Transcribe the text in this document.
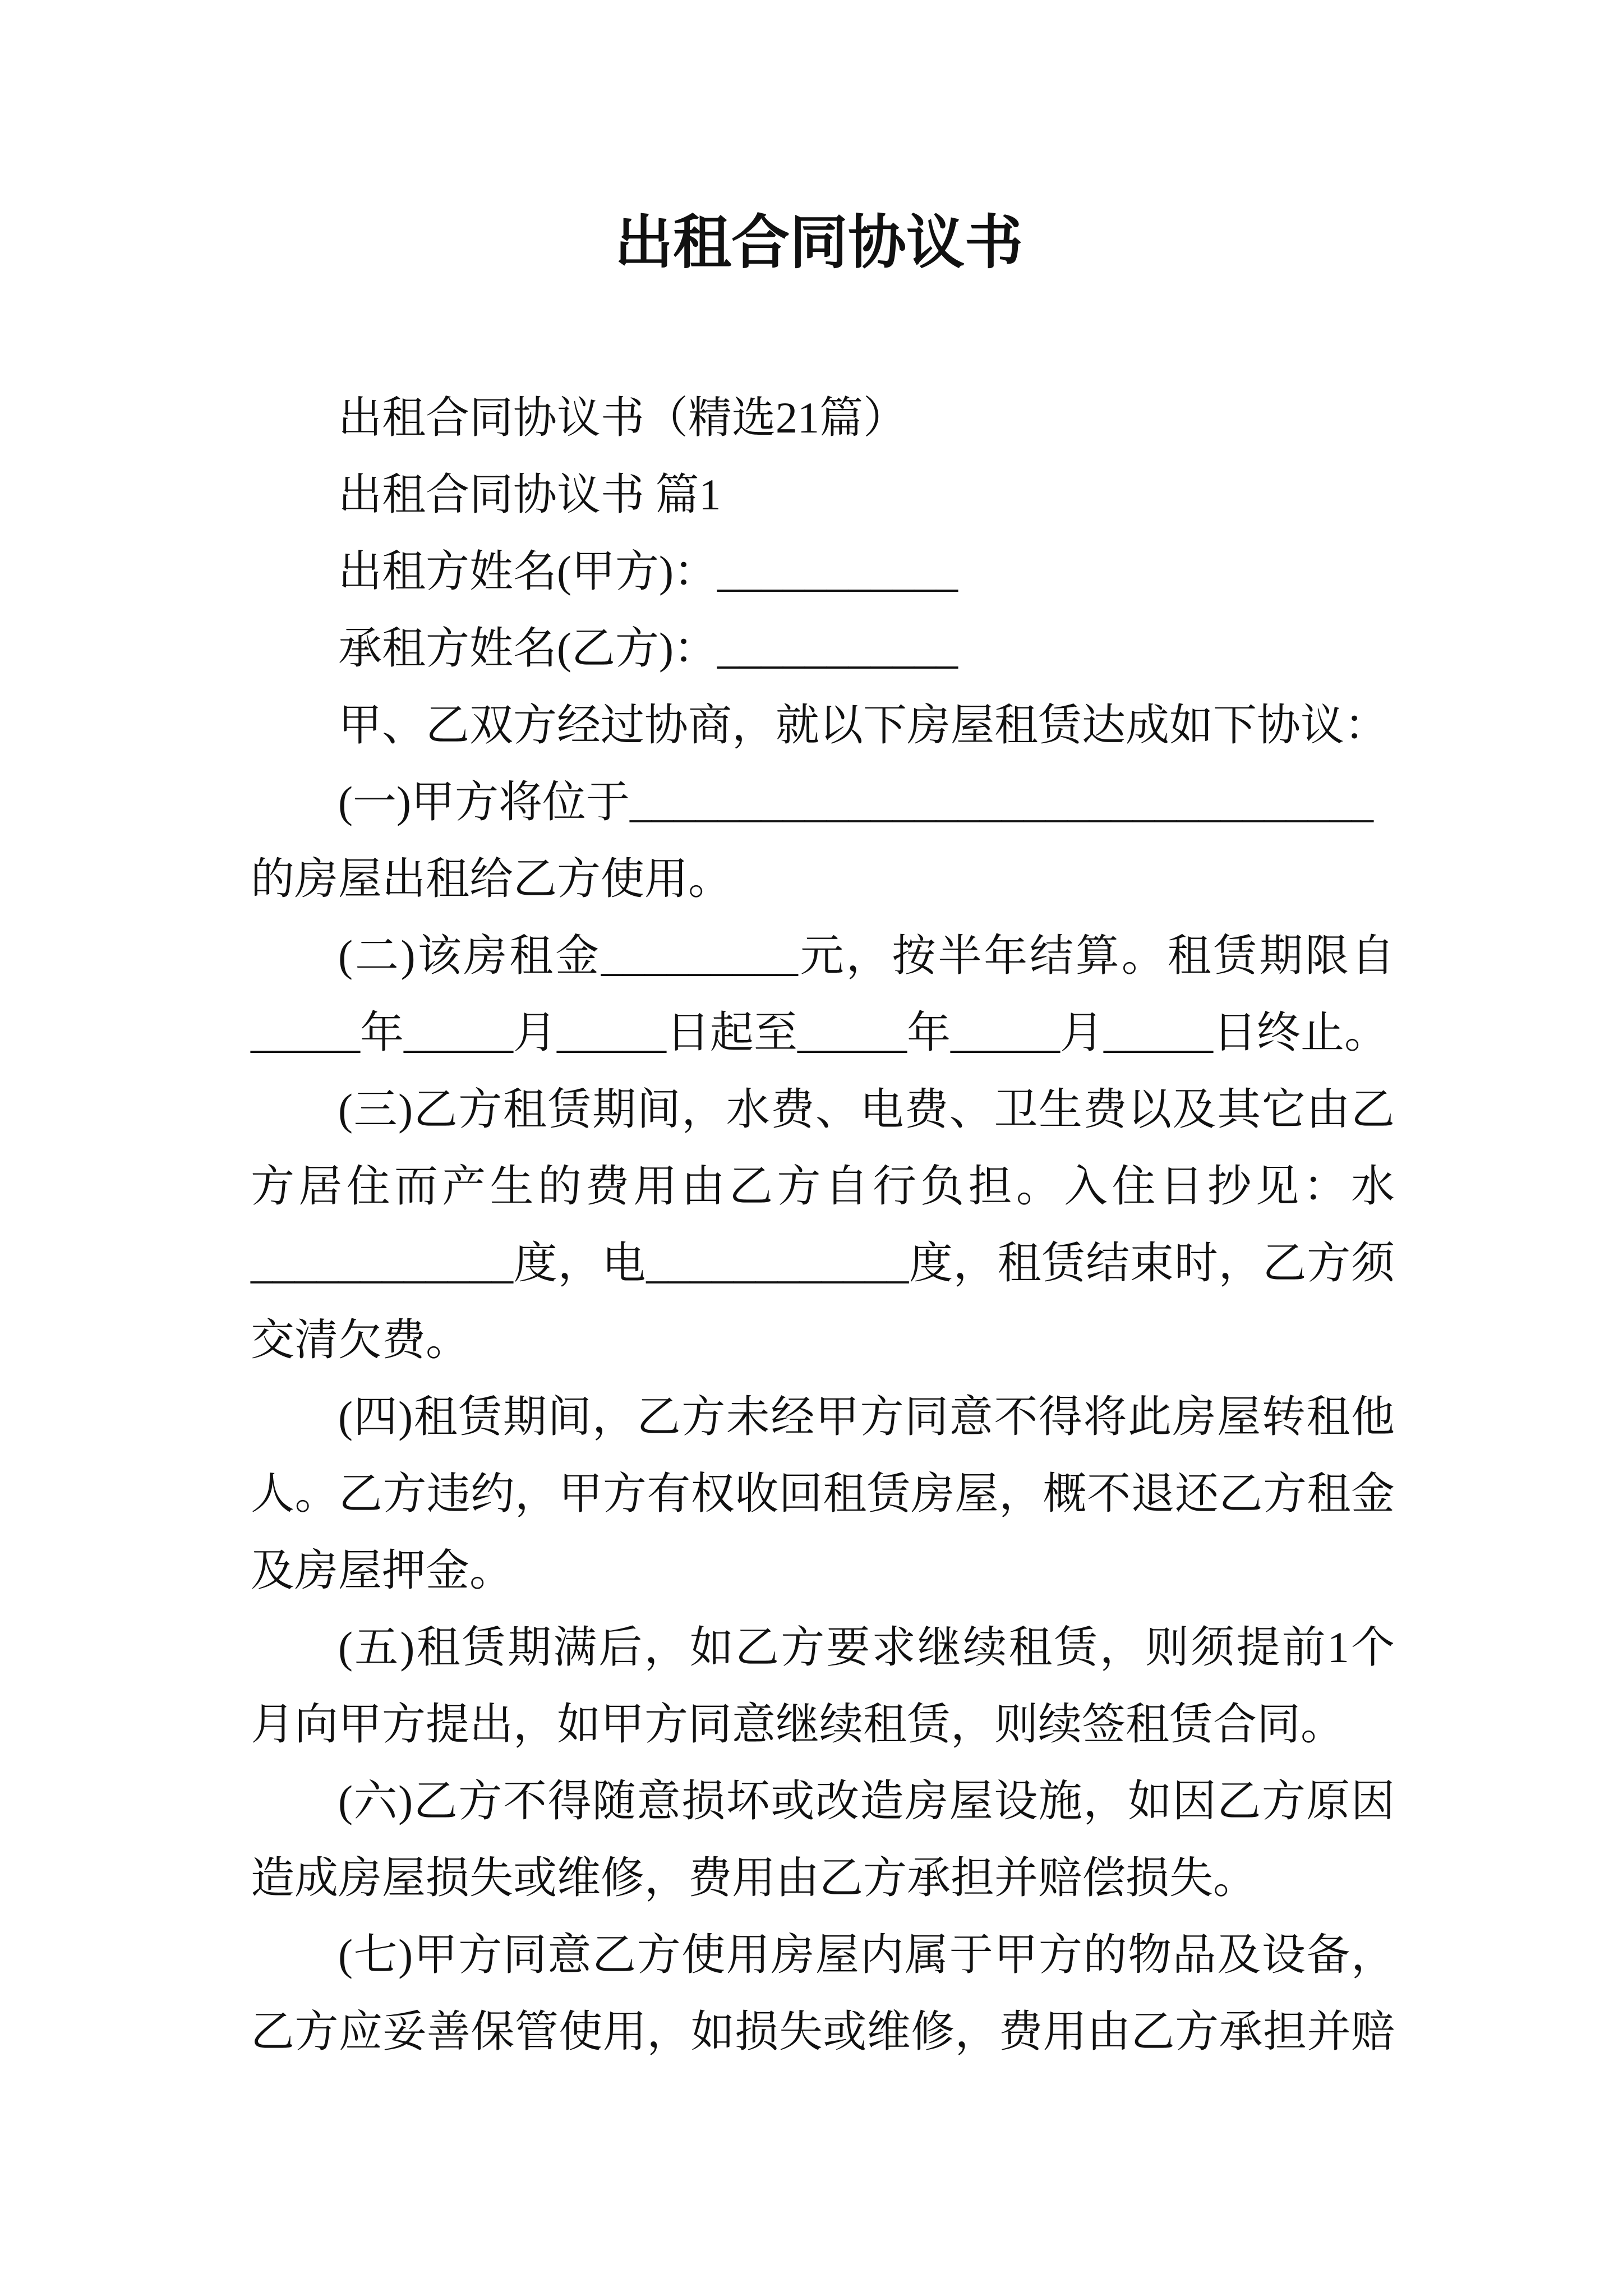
出租合同协议书
出租合同协议书（精选21篇）
出租合同协议书 篇1
出租方姓名(甲方)：___________
承租方姓名(乙方)：___________
甲、乙双方经过协商，就以下房屋租赁达成如下协议：
(一)甲方将位于__________________________________
的房屋出租给乙方使用。
(二)该房租金_________元，按半年结算。租赁期限自
_____年_____月_____日起至_____年_____月_____日终止。
(三)乙方租赁期间，水费、电费、卫生费以及其它由乙
方居住而产生的费用由乙方自行负担。入住日抄见：水
____________度，电____________度，租赁结束时，乙方须
交清欠费。
(四)租赁期间，乙方未经甲方同意不得将此房屋转租他
人。乙方违约，甲方有权收回租赁房屋，概不退还乙方租金
及房屋押金。
(五)租赁期满后，如乙方要求继续租赁，则须提前1个
月向甲方提出，如甲方同意继续租赁，则续签租赁合同。
(六)乙方不得随意损坏或改造房屋设施，如因乙方原因
造成房屋损失或维修，费用由乙方承担并赔偿损失。
(七)甲方同意乙方使用房屋内属于甲方的物品及设备，
乙方应妥善保管使用，如损失或维修，费用由乙方承担并赔
